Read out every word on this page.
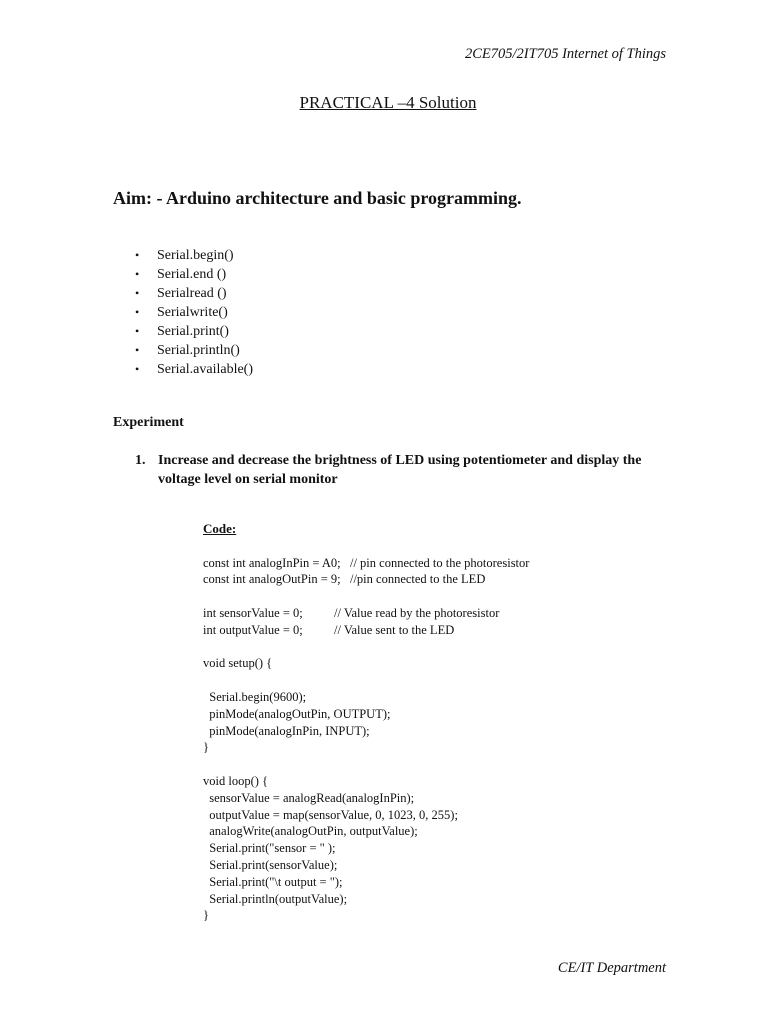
2CE705/2IT705 Internet of Things
PRACTICAL –4 Solution
Aim: - Arduino architecture and basic programming.
• Serial.begin()
• Serial.end ()
• Serialread ()
• Serialwrite()
• Serial.print()
• Serial.println()
• Serial.available()
Experiment
1. Increase and decrease the brightness of LED using potentiometer and display the voltage level on serial monitor
Code:
const int analogInPin = A0;   // pin connected to the photoresistor
const int analogOutPin = 9;   //pin connected to the LED
int sensorValue = 0;          // Value read by the photoresistor
int outputValue = 0;          // Value sent to the LED
void setup() {
Serial.begin(9600);
pinMode(analogOutPin, OUTPUT);
pinMode(analogInPin, INPUT);
}
void loop() {
sensorValue = analogRead(analogInPin);
outputValue = map(sensorValue, 0, 1023, 0, 255);
analogWrite(analogOutPin, outputValue);
Serial.print("sensor = " );
Serial.print(sensorValue);
Serial.print("\t output = ");
Serial.println(outputValue);
}
CE/IT Department
